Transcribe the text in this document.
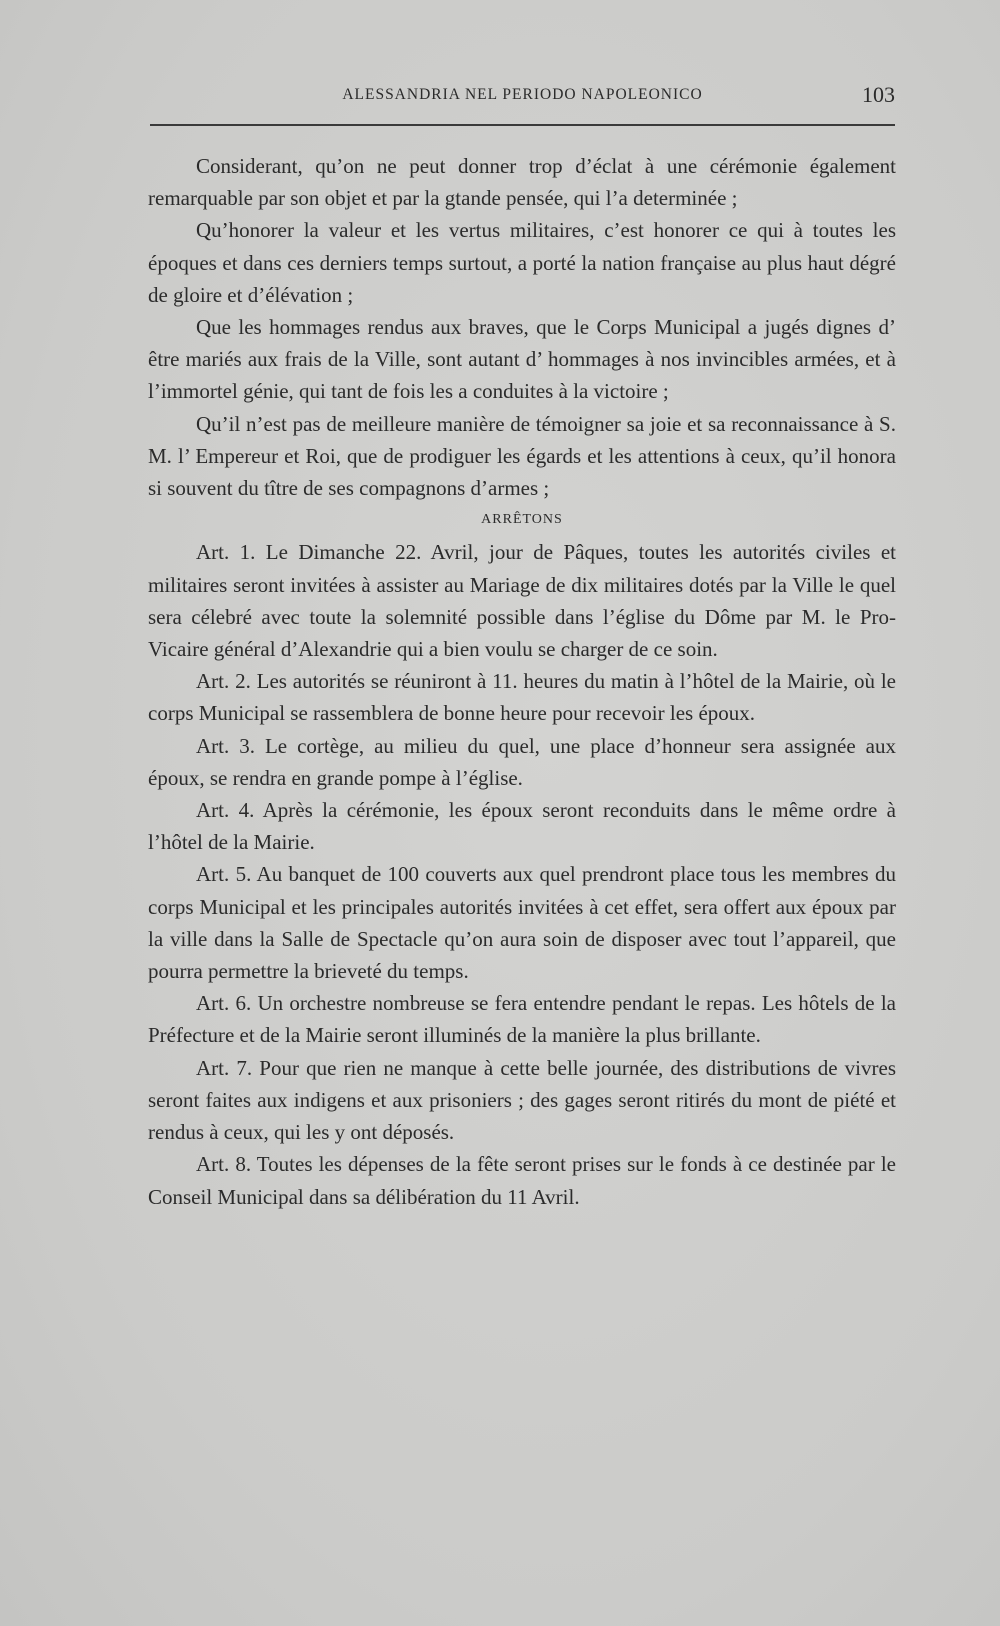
ALESSANDRIA NEL PERIODO NAPOLEONICO	103

Considerant, qu’on ne peut donner trop d’éclat à une cérémonie également remarquable par son objet et par la gtande pensée, qui l’a determinée ;

Qu’honorer la valeur et les vertus militaires, c’est honorer ce qui à toutes les époques et dans ces derniers temps surtout, a porté la nation française au plus haut dégré de gloire et d’élévation ;

Que les hommages rendus aux braves, que le Corps Municipal a jugés dignes d’ être mariés aux frais de la Ville, sont autant d’ hommages à nos invincibles armées, et à l’immortel génie, qui tant de fois les a conduites à la victoire ;

Qu’il n’est pas de meilleure manière de témoigner sa joie et sa reconnaissance à S. M. l’ Empereur et Roi, que de prodiguer les égards et les attentions à ceux, qu’il honora si souvent du tître de ses compagnons d’armes ;

ARRÊTONS

Art. 1. Le Dimanche 22. Avril, jour de Pâques, toutes les autorités civiles et militaires seront invitées à assister au Mariage de dix militaires dotés par la Ville le quel sera célebré avec toute la solemnité possible dans l’église du Dôme par M. le Pro-Vicaire général d’Alexandrie qui a bien voulu se charger de ce soin.

Art. 2. Les autorités se réuniront à 11. heures du matin à l’hôtel de la Mairie, où le corps Municipal se rassemblera de bonne heure pour recevoir les époux.

Art. 3. Le cortège, au milieu du quel, une place d’honneur sera assignée aux époux, se rendra en grande pompe à l’église.

Art. 4. Après la cérémonie, les époux seront reconduits dans le même ordre à l’hôtel de la Mairie.

Art. 5. Au banquet de 100 couverts aux quel prendront place tous les membres du corps Municipal et les principales autorités invitées à cet effet, sera offert aux époux par la ville dans la Salle de Spectacle qu’on aura soin de disposer avec tout l’appareil, que pourra permettre la brieveté du temps.

Art. 6. Un orchestre nombreuse se fera entendre pendant le repas. Les hôtels de la Préfecture et de la Mairie seront illuminés de la manière la plus brillante.

Art. 7. Pour que rien ne manque à cette belle journée, des distributions de vivres seront faites aux indigens et aux prisoniers ; des gages seront ritirés du mont de piété et rendus à ceux, qui les y ont déposés.

Art. 8. Toutes les dépenses de la fête seront prises sur le fonds à ce destinée par le Conseil Municipal dans sa délibération du 11 Avril.
